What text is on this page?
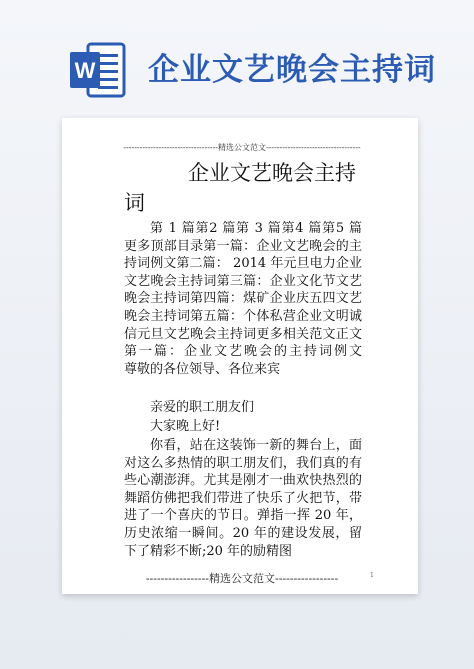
W 企业文艺晚会主持词
-----------------------------------精选公文范文-----------------------------------
企业文艺晚会主持
词

第 1 篇第2 篇第 3 篇第4 篇第5 篇更多顶部目录第一篇：企业文艺晚会的主持词例文第二篇： 2014 年元旦电力企业文艺晚会主持词第三篇：企业文化节文艺晚会主持词第四篇：煤矿企业庆五四文艺晚会主持词第五篇：个体私营企业文明诚信元旦文艺晚会主持词更多相关范文正文第一篇：企业文艺晚会的主持词例文　　尊敬的各位领导、各位来宾

亲爱的职工朋友们
大家晚上好!

你看，站在这装饰一新的舞台上，面对这么多热情的职工朋友们，我们真的有些心潮澎湃。尤其是刚才一曲欢快热烈的舞蹈仿佛把我们带进了快乐了火把节，带进了一个喜庆的节日。弹指一挥 20 年，历史浓缩一瞬间。20 年的建设发展，留下了精彩不断;20 年的励精图

-----------------精选公文范文-----------------	1
